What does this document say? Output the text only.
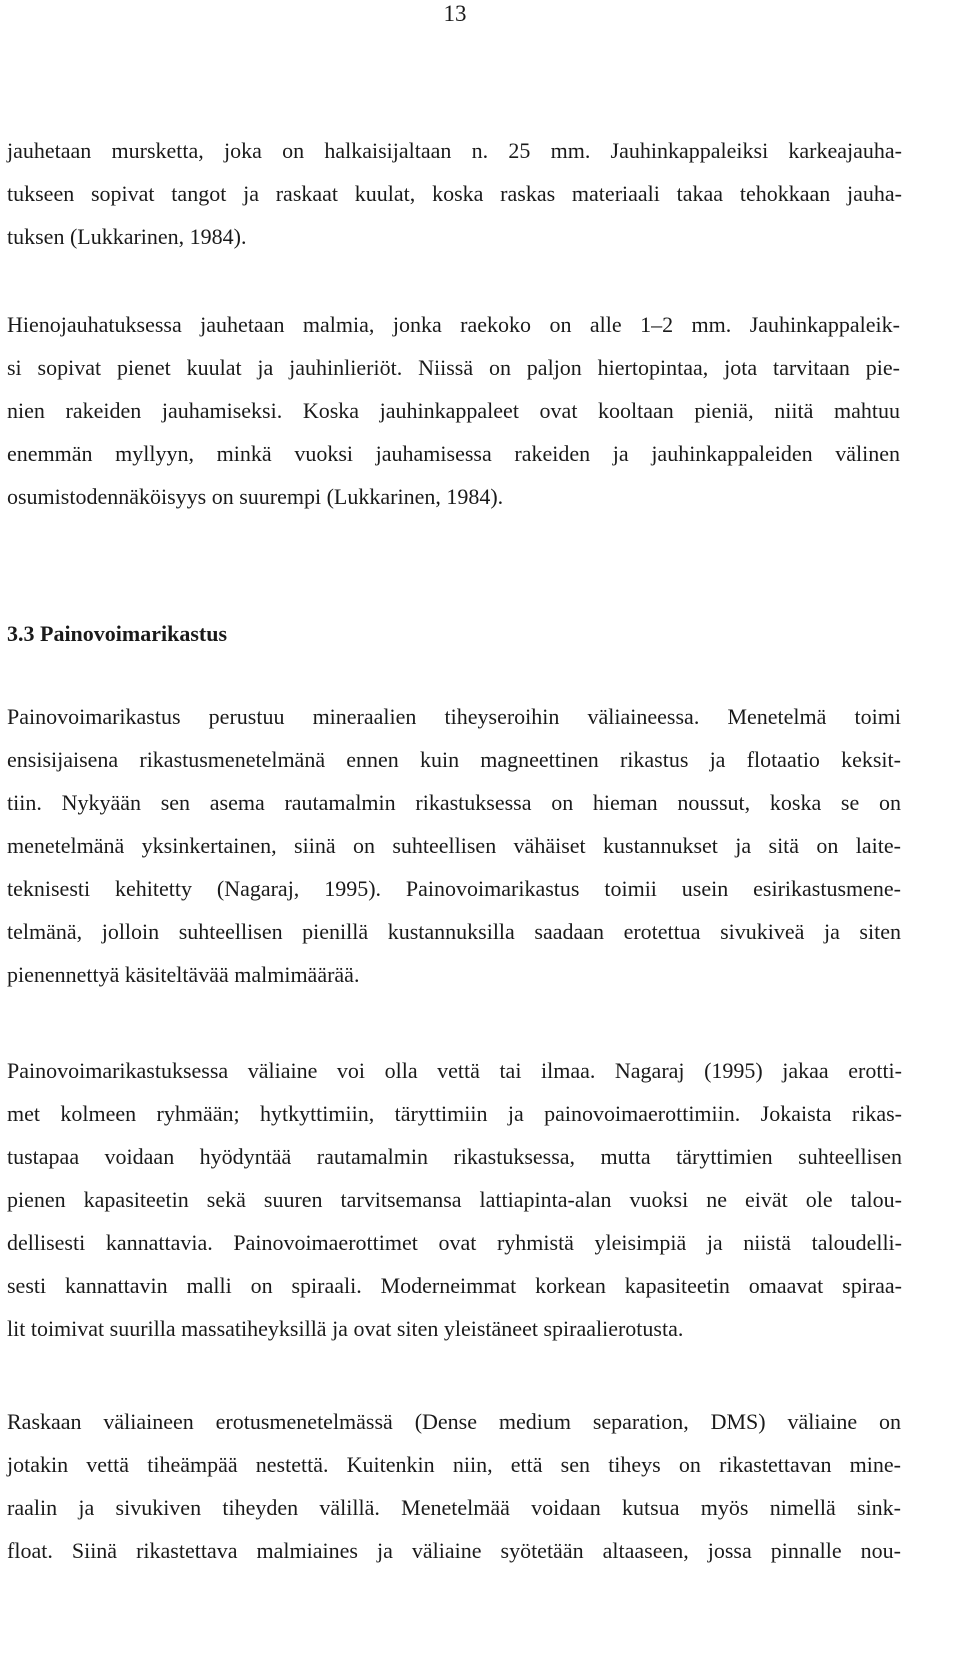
13
jauhetaan mursketta, joka on halkaisijaltaan n. 25 mm. Jauhinkappaleiksi karkeajauha-
tukseen sopivat tangot ja raskaat kuulat, koska raskas materiaali takaa tehokkaan jauha-
tuksen (Lukkarinen, 1984).
Hienojauhatuksessa jauhetaan malmia, jonka raekoko on alle 1–2 mm. Jauhinkappaleik-
si sopivat pienet kuulat ja jauhinlieriöt. Niissä on paljon hiertopintaa, jota tarvitaan pie-
nien rakeiden jauhamiseksi. Koska jauhinkappaleet ovat kooltaan pieniä, niitä mahtuu
enemmän myllyyn, minkä vuoksi jauhamisessa rakeiden ja jauhinkappaleiden välinen
osumistodennäköisyys on suurempi (Lukkarinen, 1984).
3.3 Painovoimarikastus
Painovoimarikastus perustuu mineraalien tiheyseroihin väliaineessa. Menetelmä toimi
ensisijaisena rikastusmenetelmänä ennen kuin magneettinen rikastus ja flotaatio keksit-
tiin. Nykyään sen asema rautamalmin rikastuksessa on hieman noussut, koska se on
menetelmänä yksinkertainen, siinä on suhteellisen vähäiset kustannukset ja sitä on laite-
teknisesti kehitetty (Nagaraj, 1995). Painovoimarikastus toimii usein esirikastusmene-
telmänä, jolloin suhteellisen pienillä kustannuksilla saadaan erotettua sivukiveä ja siten
pienennettyä käsiteltävää malmimäärää.
Painovoimarikastuksessa väliaine voi olla vettä tai ilmaa. Nagaraj (1995) jakaa erotti-
met kolmeen ryhmään; hytkyttimiin, täryttimiin ja painovoimaerottimiin. Jokaista rikas-
tustapaa voidaan hyödyntää rautamalmin rikastuksessa, mutta täryttimien suhteellisen
pienen kapasiteetin sekä suuren tarvitsemansa lattiapinta-alan vuoksi ne eivät ole talou-
dellisesti kannattavia. Painovoimaerottimet ovat ryhmistä yleisimpiä ja niistä taloudelli-
sesti kannattavin malli on spiraali. Moderneimmat korkean kapasiteetin omaavat spiraa-
lit toimivat suurilla massatiheyksillä ja ovat siten yleistäneet spiraalierotusta.
Raskaan väliaineen erotusmenetelmässä (Dense medium separation, DMS) väliaine on
jotakin vettä tiheämpää nestettä. Kuitenkin niin, että sen tiheys on rikastettavan mine-
raalin ja sivukiven tiheyden välillä. Menetelmää voidaan kutsua myös nimellä sink-
float. Siinä rikastettava malmiaines ja väliaine syötetään altaaseen, jossa pinnalle nou-
